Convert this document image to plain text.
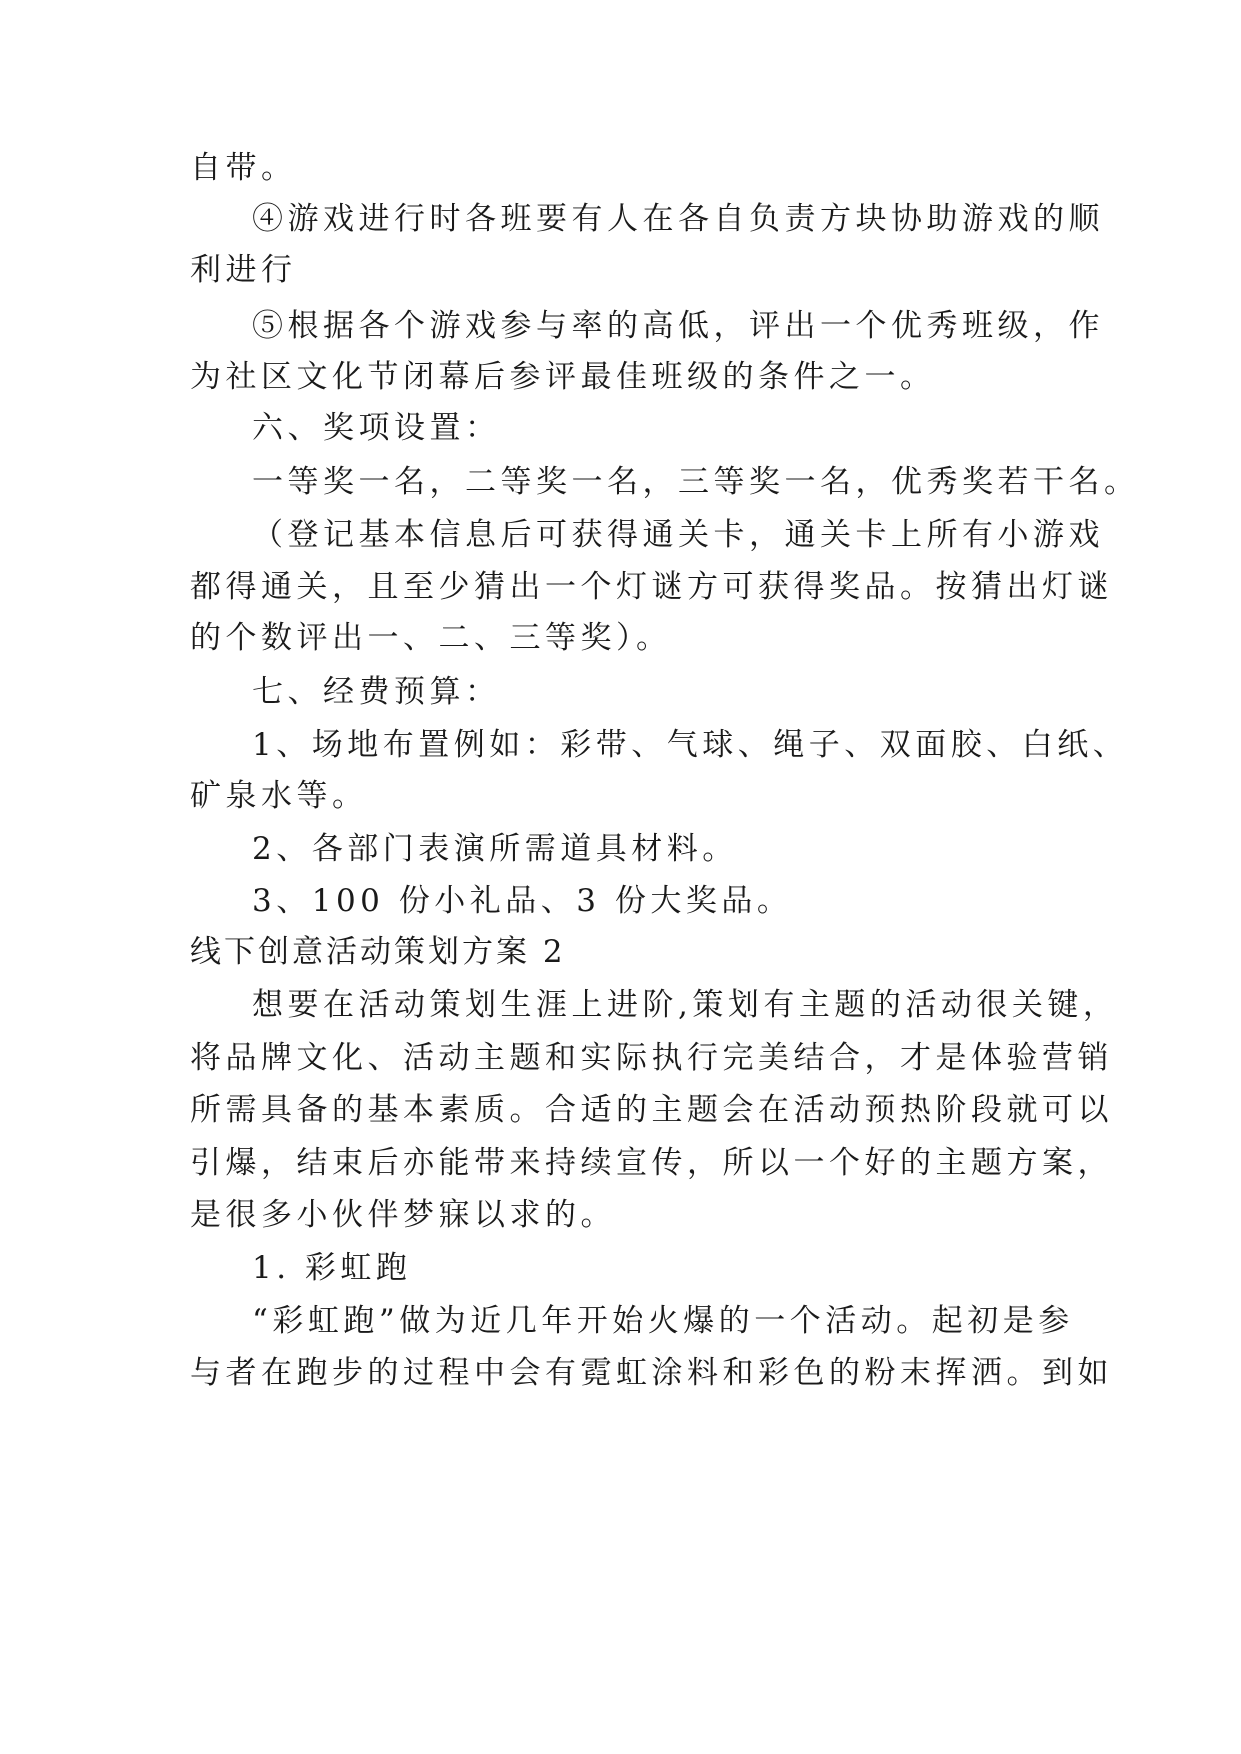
自带。
④游戏进行时各班要有人在各自负责方块协助游戏的顺
利进行
⑤根据各个游戏参与率的高低，评出一个优秀班级，作
为社区文化节闭幕后参评最佳班级的条件之一。
六、奖项设置：
一等奖一名，二等奖一名，三等奖一名，优秀奖若干名。
（登记基本信息后可获得通关卡，通关卡上所有小游戏
都得通关，且至少猜出一个灯谜方可获得奖品。按猜出灯谜
的个数评出一、二、三等奖）。
七、经费预算：
1、场地布置例如：彩带、气球、绳子、双面胶、白纸、
矿泉水等。
2、各部门表演所需道具材料。
3、100 份小礼品、3 份大奖品。
线下创意活动策划方案 2
想要在活动策划生涯上进阶,策划有主题的活动很关键，
将品牌文化、活动主题和实际执行完美结合，才是体验营销
所需具备的基本素质。合适的主题会在活动预热阶段就可以
引爆，结束后亦能带来持续宣传，所以一个好的主题方案，
是很多小伙伴梦寐以求的。
1. 彩虹跑
“彩虹跑”做为近几年开始火爆的一个活动。起初是参
与者在跑步的过程中会有霓虹涂料和彩色的粉末挥洒。到如
